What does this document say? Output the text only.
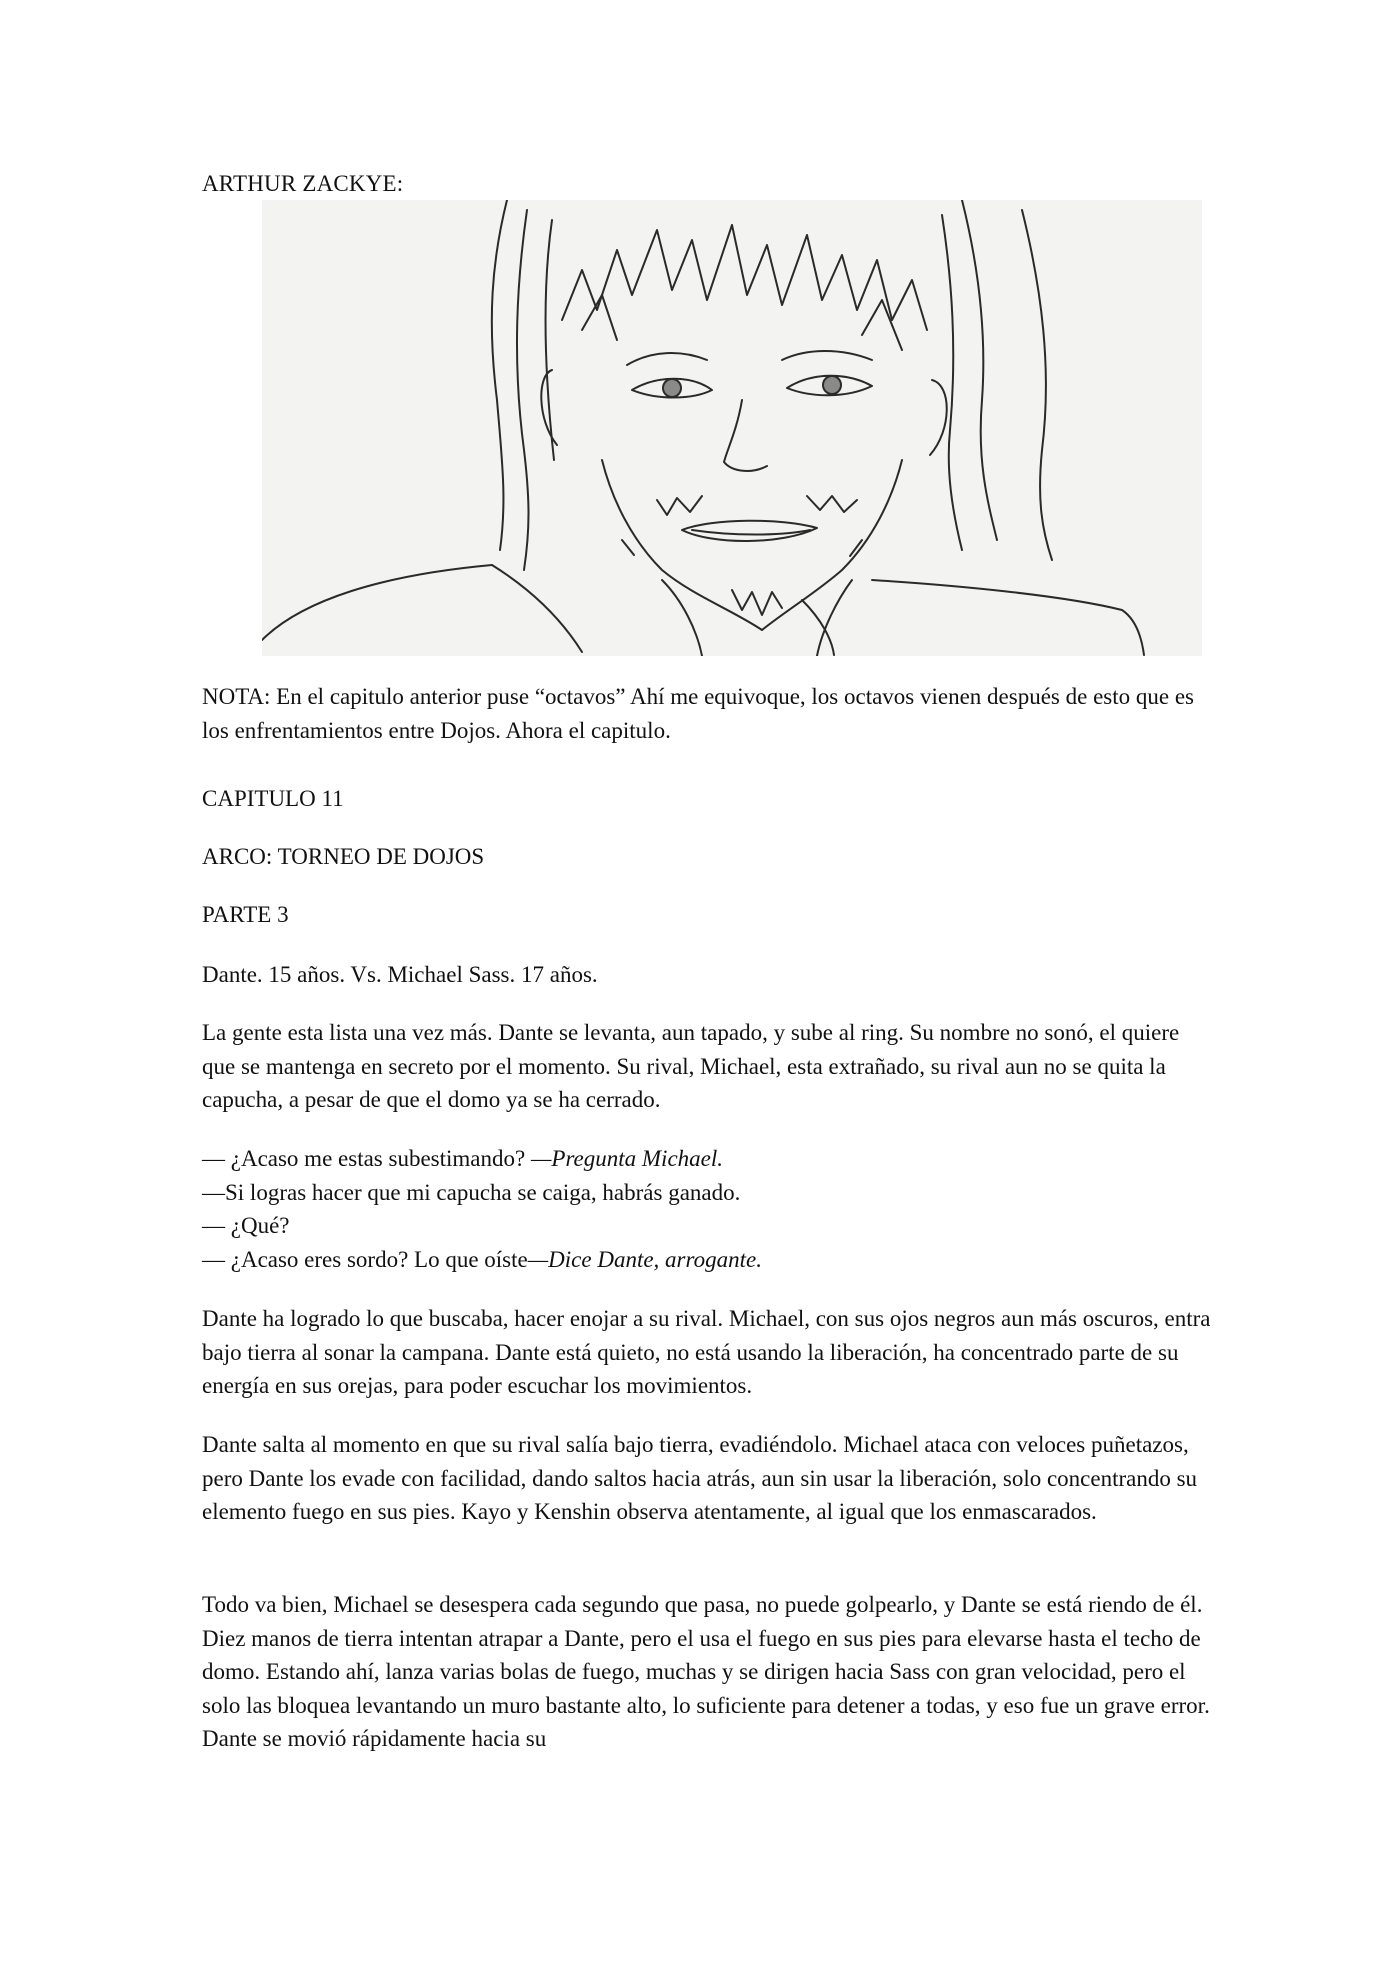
ARTHUR ZACKYE:

NOTA: En el capitulo anterior puse “octavos” Ahí me equivoque, los octavos vienen después de esto que es los enfrentamientos entre Dojos. Ahora el capitulo.

CAPITULO 11

ARCO: TORNEO DE DOJOS

PARTE 3

Dante. 15 años. Vs. Michael Sass. 17 años.

La gente esta lista una vez más. Dante se levanta, aun tapado, y sube al ring. Su nombre no sonó, el quiere que se mantenga en secreto por el momento. Su rival, Michael, esta extrañado, su rival aun no se quita la capucha, a pesar de que el domo ya se ha cerrado.

— ¿Acaso me estas subestimando? —Pregunta Michael.
—Si logras hacer que mi capucha se caiga, habrás ganado.
— ¿Qué?
— ¿Acaso eres sordo? Lo que oíste—Dice Dante, arrogante.

Dante ha logrado lo que buscaba, hacer enojar a su rival. Michael, con sus ojos negros aun más oscuros, entra bajo tierra al sonar la campana. Dante está quieto, no está usando la liberación, ha concentrado parte de su energía en sus orejas, para poder escuchar los movimientos.

Dante salta al momento en que su rival salía bajo tierra, evadiéndolo. Michael ataca con veloces puñetazos, pero Dante los evade con facilidad, dando saltos hacia atrás, aun sin usar la liberación, solo concentrando su elemento fuego en sus pies. Kayo y Kenshin observa atentamente, al igual que los enmascarados.

Todo va bien, Michael se desespera cada segundo que pasa, no puede golpearlo, y Dante se está riendo de él. Diez manos de tierra intentan atrapar a Dante, pero el usa el fuego en sus pies para elevarse hasta el techo de domo. Estando ahí, lanza varias bolas de fuego, muchas y se dirigen hacia Sass con gran velocidad, pero el solo las bloquea levantando un muro bastante alto, lo suficiente para detener a todas, y eso fue un grave error. Dante se movió rápidamente hacia su
